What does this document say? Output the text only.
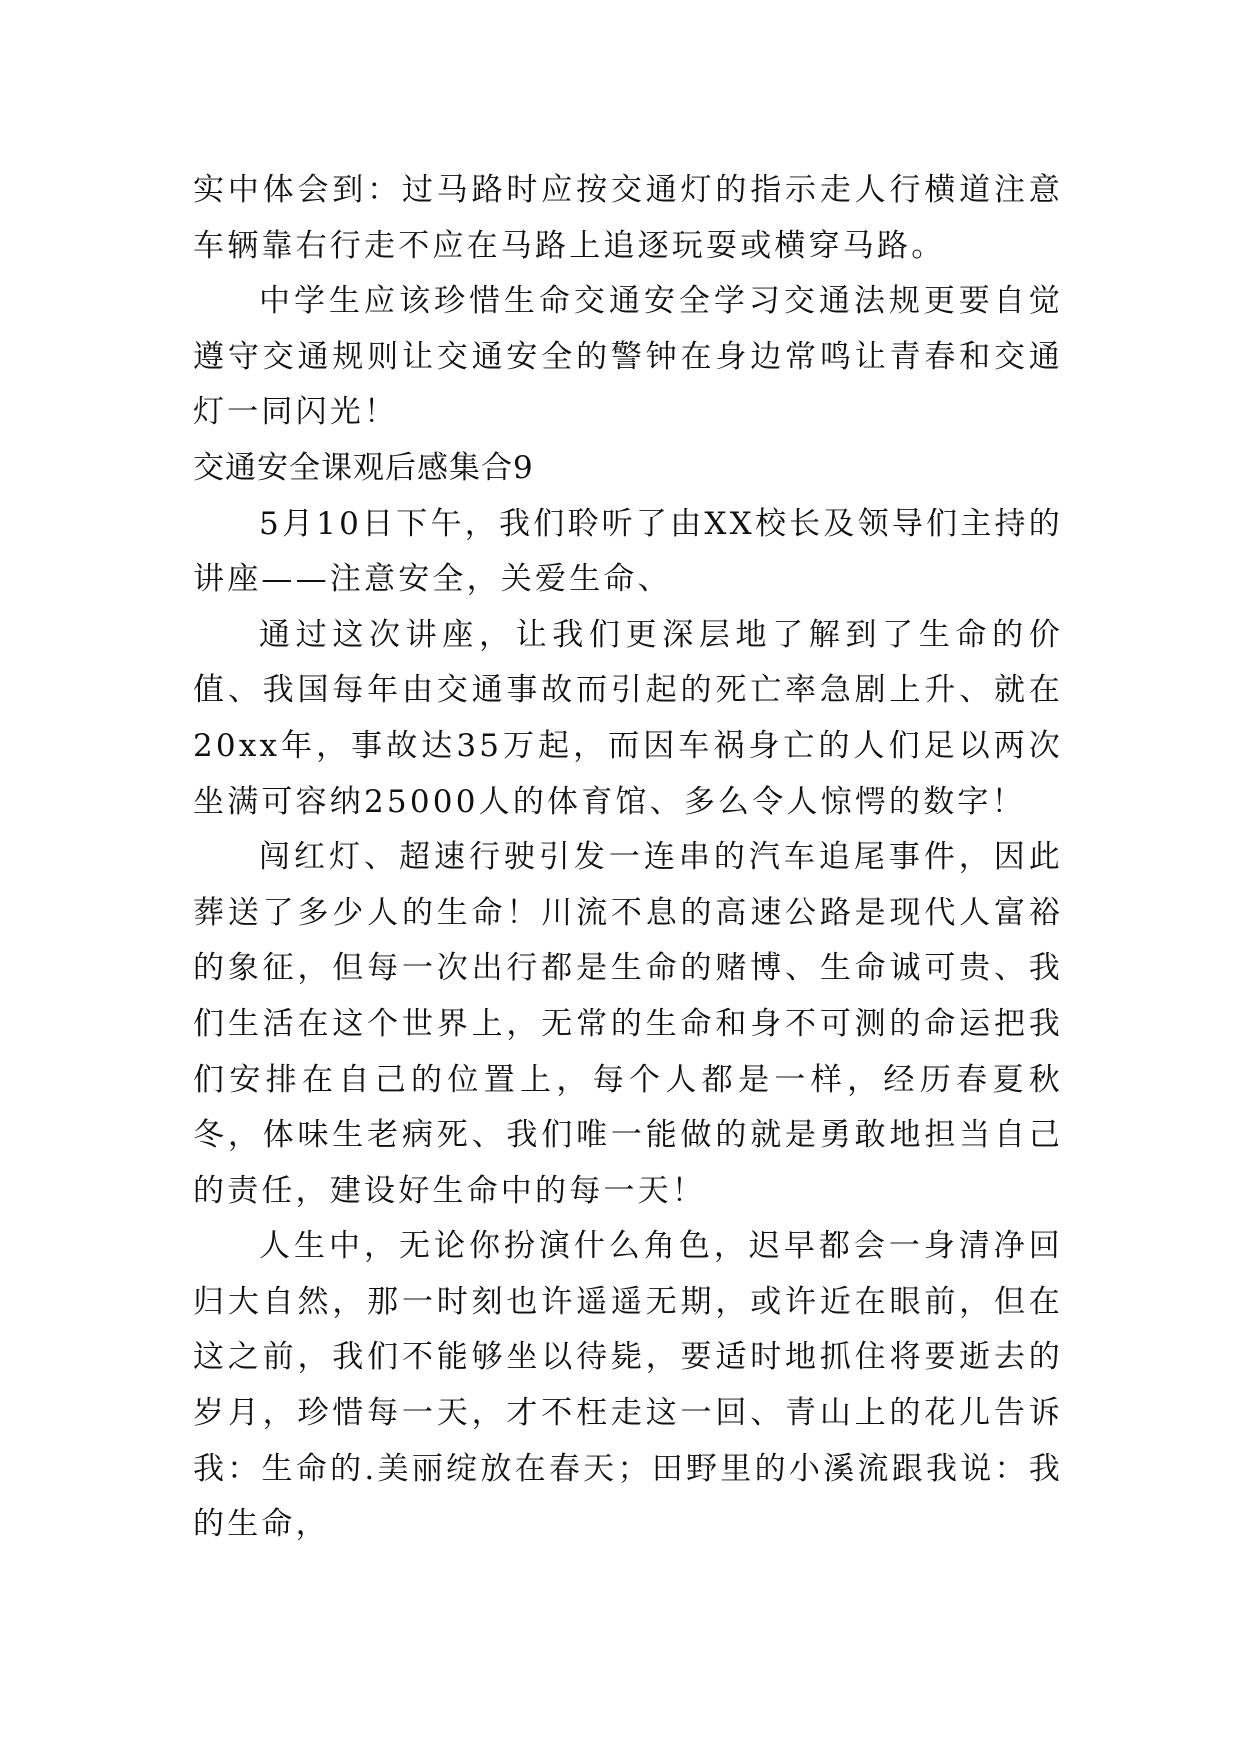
实中体会到：过马路时应按交通灯的指示走人行横道注意车辆靠右行走不应在马路上追逐玩耍或横穿马路。

中学生应该珍惜生命交通安全学习交通法规更要自觉遵守交通规则让交通安全的警钟在身边常鸣让青春和交通灯一同闪光！

交通安全课观后感集合9

5月10日下午，我们聆听了由XX校长及领导们主持的讲座——注意安全，关爱生命、

通过这次讲座，让我们更深层地了解到了生命的价值、我国每年由交通事故而引起的死亡率急剧上升、就在20xx年，事故达35万起，而因车祸身亡的人们足以两次坐满可容纳25000人的体育馆、多么令人惊愕的数字！

闯红灯、超速行驶引发一连串的汽车追尾事件，因此葬送了多少人的生命！川流不息的高速公路是现代人富裕的象征，但每一次出行都是生命的赌博、生命诚可贵、我们生活在这个世界上，无常的生命和身不可测的命运把我们安排在自己的位置上，每个人都是一样，经历春夏秋冬，体味生老病死、我们唯一能做的就是勇敢地担当自己的责任，建设好生命中的每一天！

人生中，无论你扮演什么角色，迟早都会一身清净回归大自然，那一时刻也许遥遥无期，或许近在眼前，但在这之前，我们不能够坐以待毙，要适时地抓住将要逝去的岁月，珍惜每一天，才不枉走这一回、青山上的花儿告诉我：生命的.美丽绽放在春天；田野里的小溪流跟我说：我的生命，
